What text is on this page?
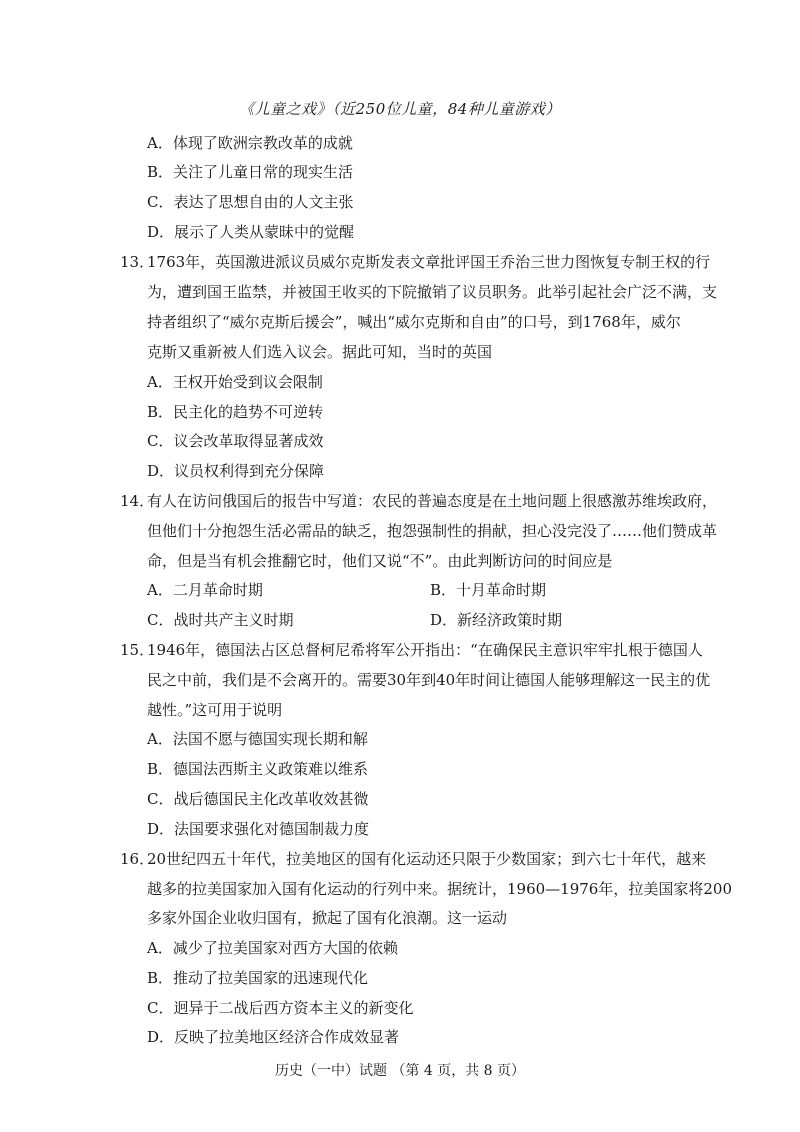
《儿童之戏》（近250位儿童，84种儿童游戏）
A．体现了欧洲宗教改革的成就
B．关注了儿童日常的现实生活
C．表达了思想自由的人文主张
D．展示了人类从蒙昧中的觉醒
13．
1763年，英国激进派议员威尔克斯发表文章批评国王乔治三世力图恢复专制王权的行
为，遭到国王监禁，并被国王收买的下院撤销了议员职务。此举引起社会广泛不满，支
持者组织了“威尔克斯后援会”，喊出“威尔克斯和自由”的口号，到1768年，威尔
克斯又重新被人们选入议会。据此可知，当时的英国
A．王权开始受到议会限制
B．民主化的趋势不可逆转
C．议会改革取得显著成效
D．议员权利得到充分保障
14．
有人在访问俄国后的报告中写道：农民的普遍态度是在土地问题上很感激苏维埃政府，
但他们十分抱怨生活必需品的缺乏，抱怨强制性的捐献，担心没完没了……他们赞成革
命，但是当有机会推翻它时，他们又说“不”。由此判断访问的时间应是
A．二月革命时期	B．十月革命时期
C．战时共产主义时期	D．新经济政策时期
15．
1946年，德国法占区总督柯尼希将军公开指出：“在确保民主意识牢牢扎根于德国人
民之中前，我们是不会离开的。需要30年到40年时间让德国人能够理解这一民主的优
越性。”这可用于说明
A．法国不愿与德国实现长期和解
B．德国法西斯主义政策难以维系
C．战后德国民主化改革收效甚微
D．法国要求强化对德国制裁力度
16．
20世纪四五十年代，拉美地区的国有化运动还只限于少数国家；到六七十年代，越来
越多的拉美国家加入国有化运动的行列中来。据统计，1960—1976年，拉美国家将200
多家外国企业收归国有，掀起了国有化浪潮。这一运动
A．减少了拉美国家对西方大国的依赖
B．推动了拉美国家的迅速现代化
C．迥异于二战后西方资本主义的新变化
D．反映了拉美地区经济合作成效显著
历史（一中）试题 （第 4 页，共 8 页）
